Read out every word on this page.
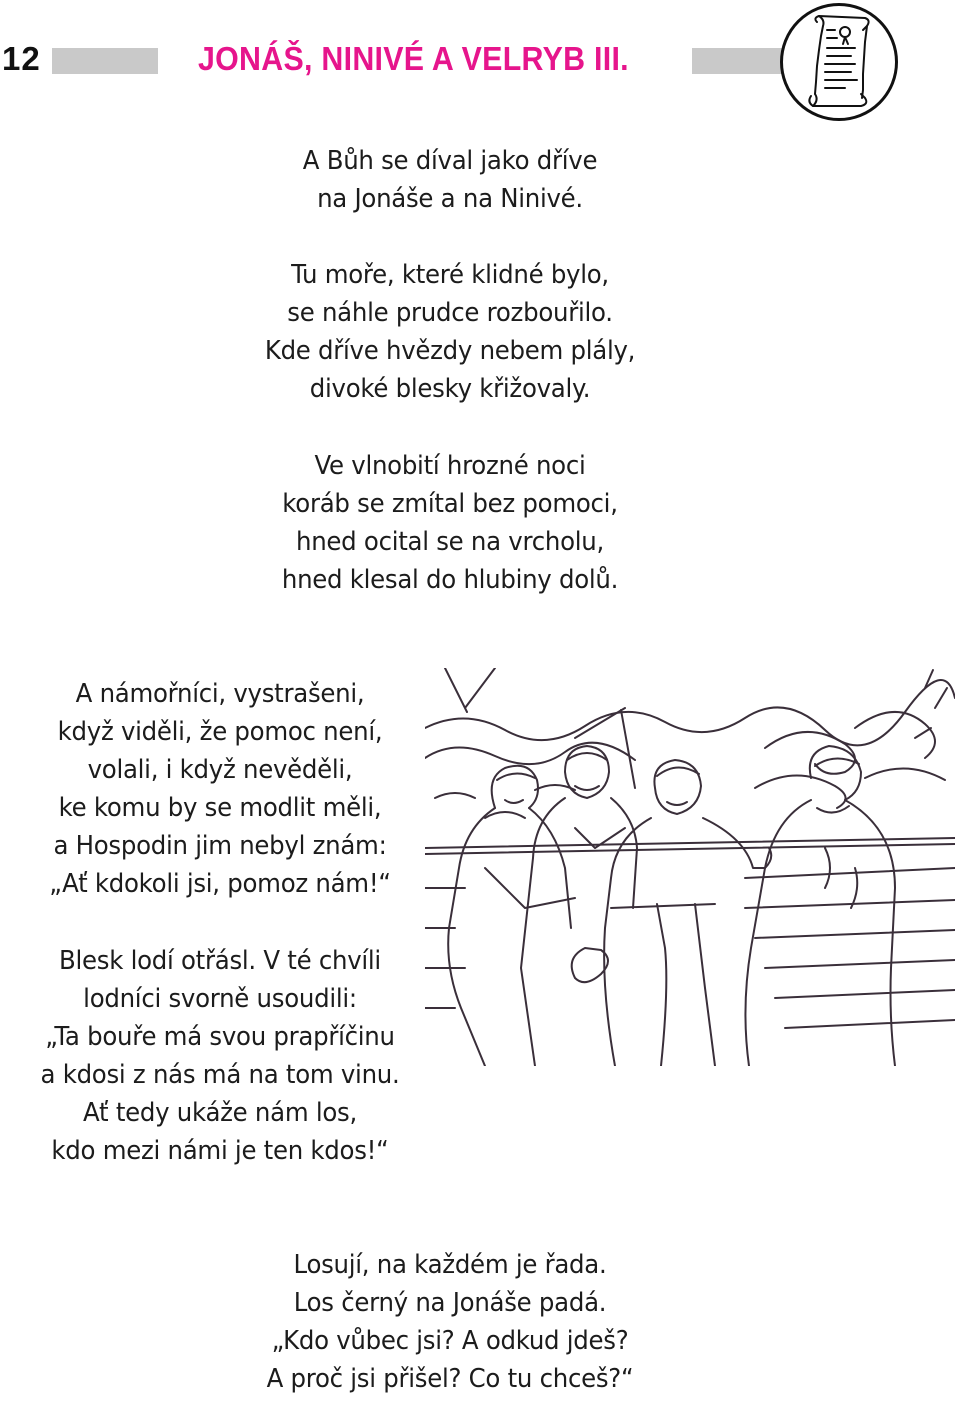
12	JONÁŠ, NINIVÉ A VELRYB III.
A Bůh se díval jako dříve
na Jonáše a na Ninivé.
Tu moře, které klidné bylo,
se náhle prudce rozbouřilo.
Kde dříve hvězdy nebem plály,
divoké blesky křižovaly.
Ve vlnobití hrozné noci
koráb se zmítal bez pomoci,
hned ocital se na vrcholu,
hned klesal do hlubiny dolů.
A námořníci, vystrašeni,
když viděli, že pomoc není,
volali, i když nevěděli,
ke komu by se modlit měli,
a Hospodin jim nebyl znám:
„Ať kdokoli jsi, pomoz nám!“
Blesk lodí otřásl. V té chvíli
lodníci svorně usoudili:
„Ta bouře má svou prapříčinu
a kdosi z nás má na tom vinu.
Ať tedy ukáže nám los,
kdo mezi námi je ten kdos!“
Losují, na každém je řada.
Los černý na Jonáše padá.
„Kdo vůbec jsi? A odkud jdeš?
A proč jsi přišel? Co tu chceš?“
